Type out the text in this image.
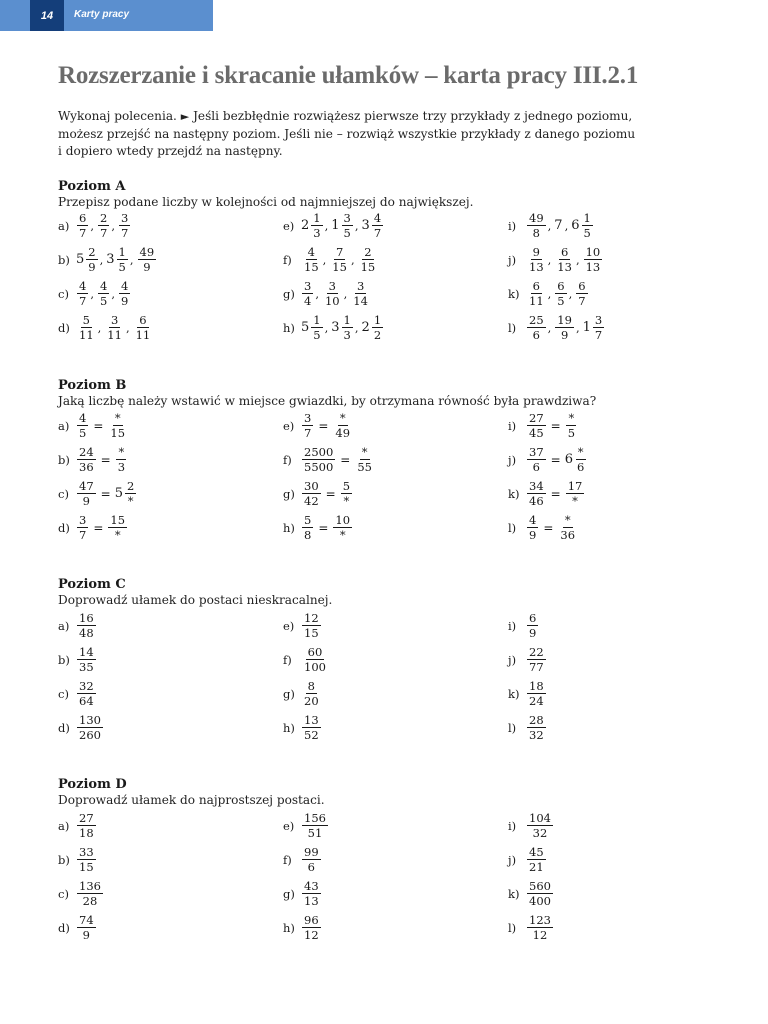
14	Karty pracy
Rozszerzanie i skracanie ułamków – karta pracy III.2.1
Wykonaj polecenia. ► Jeśli bezbłędnie rozwiążesz pierwsze trzy przykłady z jednego poziomu,
możesz przejść na następny poziom. Jeśli nie – rozwiąż wszystkie przykłady z danego poziomu
i dopiero wtedy przejdź na następny.
Poziom A
Przepisz podane liczby w kolejności od najmniejszej do największej.
$a) \frac{6}{7}$ , $\frac{2}{7}$ , $\frac{3}{7}$
b) $5 \frac{2}{9}$ , $3 \frac{1}{5}$ , $\frac{49}{9}$
$c) \frac{4}{7}$ , $\frac{4}{5}$ , $\frac{4}{9}$
$d) \frac{5}{11}$ , $\frac{3}{11}$ , $\frac{6}{11}$
e) $2 \frac{1}{3}$ , $1 \frac{3}{5}$ , $3 \frac{4}{7}$
$f) \frac{4}{15}$ , $\frac{7}{15}$ , $\frac{2}{15}$
$g) \frac{3}{4}$ , $\frac{3}{10}$ , $\frac{3}{14}$
h) $5 \frac{1}{5}$ , $3 \frac{1}{3}$ , $2 \frac{1}{2}$
$i) \frac{49}{8}$ , 7 , $6 \frac{1}{5}$
$j) \frac{9}{13}$ , $\frac{6}{13}$ , $\frac{10}{13}$
$k) \frac{6}{11}$ , $\frac{6}{5}$ , $\frac{6}{7}$
$l) \frac{25}{6}$ , $\frac{19}{9}$ , $1 \frac{3}{7}$
$a) \frac{4}{5} = \frac{*}{15}$
$b) \frac{24}{36} = \frac{*}{3}$
$c) \frac{47}{9} = 5 \frac{2}{*}$
$d) \frac{3}{7} = \frac{15}{*}$
$e) \frac{3}{7} = \frac{*}{49}$
$f) \frac{2500}{5500} = \frac{*}{55}$
$g) \frac{30}{42} = \frac{5}{*}$
$h) \frac{5}{8} = \frac{10}{*}$
$i) \frac{27}{45} = \frac{*}{5}$
$j) \frac{37}{6} = 6 \frac{*}{6}$
$k) \frac{34}{46} = \frac{17}{*}$
$l) \frac{4}{9} = \frac{*}{36}$
$a) \frac{16}{48}$
$b) \frac{14}{35}$
$c) \frac{32}{64}$
$d) \frac{130}{260}$
$e) \frac{12}{15}$
$f) \frac{60}{100}$
$g) \frac{8}{20}$
$h) \frac{13}{52}$
$i) \frac{6}{9}$
$j) \frac{22}{77}$
$k) \frac{18}{24}$
$l) \frac{28}{32}$
$a) \frac{27}{18}$
$b) \frac{33}{15}$
$c) \frac{136}{28}$
$d) \frac{74}{9}$
$e) \frac{156}{51}$
$f) \frac{99}{6}$
$g) \frac{43}{13}$
$h) \frac{96}{12}$
$i) \frac{104}{32}$
$j) \frac{45}{21}$
$k) \frac{560}{400}$
$l) \frac{123}{12}$
Poziom B
Jaką liczbę należy wstawić w miejsce gwiazdki, by otrzymana równość była prawdziwa?
Poziom C
Doprowadź ułamek do postaci nieskracalnej.
Poziom D
Doprowadź ułamek do najprostszej postaci.
